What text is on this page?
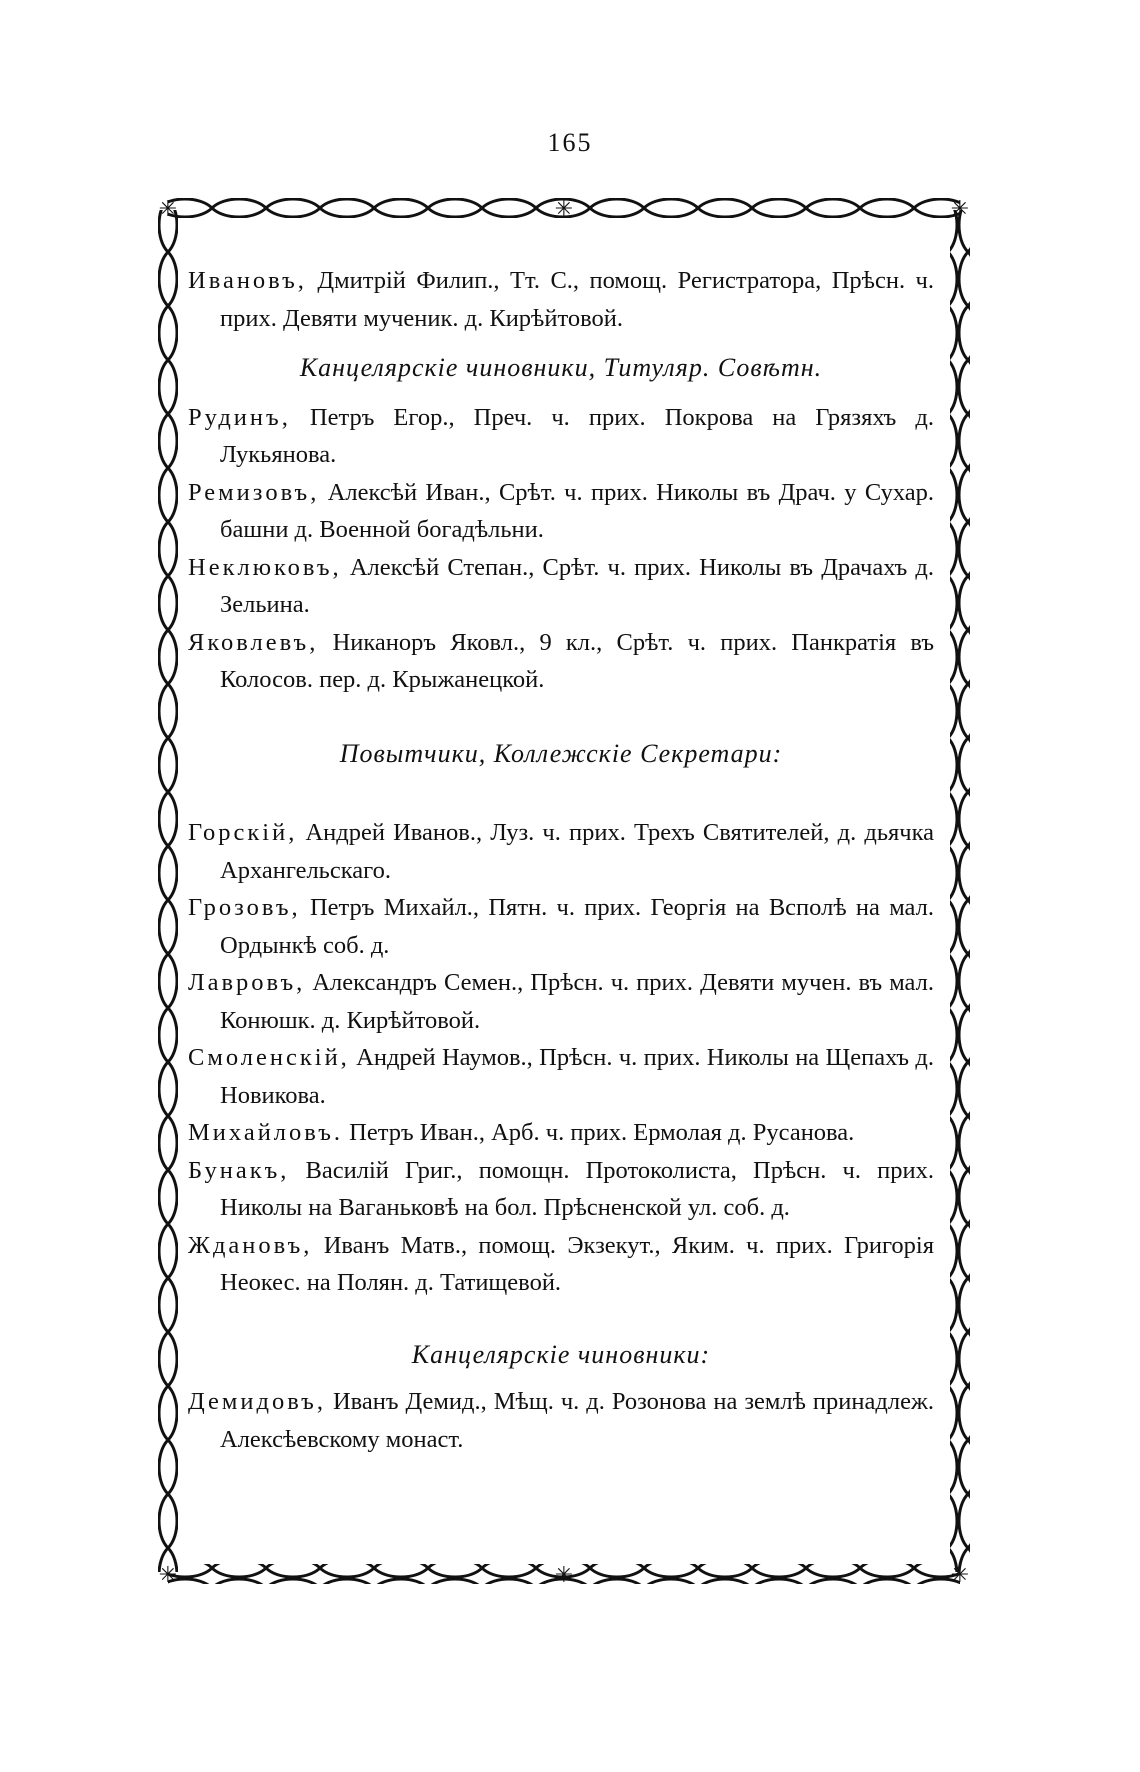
165
✳	✳
✳	✳
✳
✳

Ивановъ, Дмитрiй Филип., Тт. С., помощ. Регистратора, Прѣсн. ч. прих. Девяти мученик. д. Кирѣйтовой.

Канцелярскiе чиновники, Титуляр. Совѣтн.

Рудинъ, Петръ Егор., Преч. ч. прих. Покрова на Грязяхъ д. Лукьянова.

Ремизовъ, Алексѣй Иван., Срѣт. ч. прих. Николы въ Драч. у Сухар. башни д. Военной богадѣльни.

Неклюковъ, Алексѣй Степан., Срѣт. ч. прих. Николы въ Драчахъ д. Зельина.

Яковлевъ, Никаноръ Яковл., 9 кл., Срѣт. ч. прих. Панкратiя въ Колосов. пер. д. Крыжанецкой.

Повытчики, Коллежскiе Секретари:

Горскiй, Андрей Иванов., Луз. ч. прих. Трехъ Святителей, д. дьячка Архангельскаго.

Грозовъ, Петръ Михайл., Пятн. ч. прих. Георгiя на Всполѣ на мал. Ордынкѣ соб. д.

Лавровъ, Александръ Семен., Прѣсн. ч. прих. Девяти мучен. въ мал. Конюшк. д. Кирѣйтовой.

Смоленскiй, Андрей Наумов., Прѣсн. ч. прих. Николы на Щепахъ д. Новикова.

Михайловъ. Петръ Иван., Арб. ч. прих. Ермолая д. Русанова.

Бунакъ, Василiй Григ., помощн. Протоколиста, Прѣсн. ч. прих. Николы на Ваганьковѣ на бол. Прѣсненской ул. соб. д.

Ждановъ, Иванъ Матв., помощ. Экзекут., Яким. ч. прих. Григорiя Неокес. на Полян. д. Татищевой.

Канцелярскiе чиновники:

Демидовъ, Иванъ Демид., Мѣщ. ч. д. Розонова на землѣ принадлеж. Алексѣевскому монаст.
